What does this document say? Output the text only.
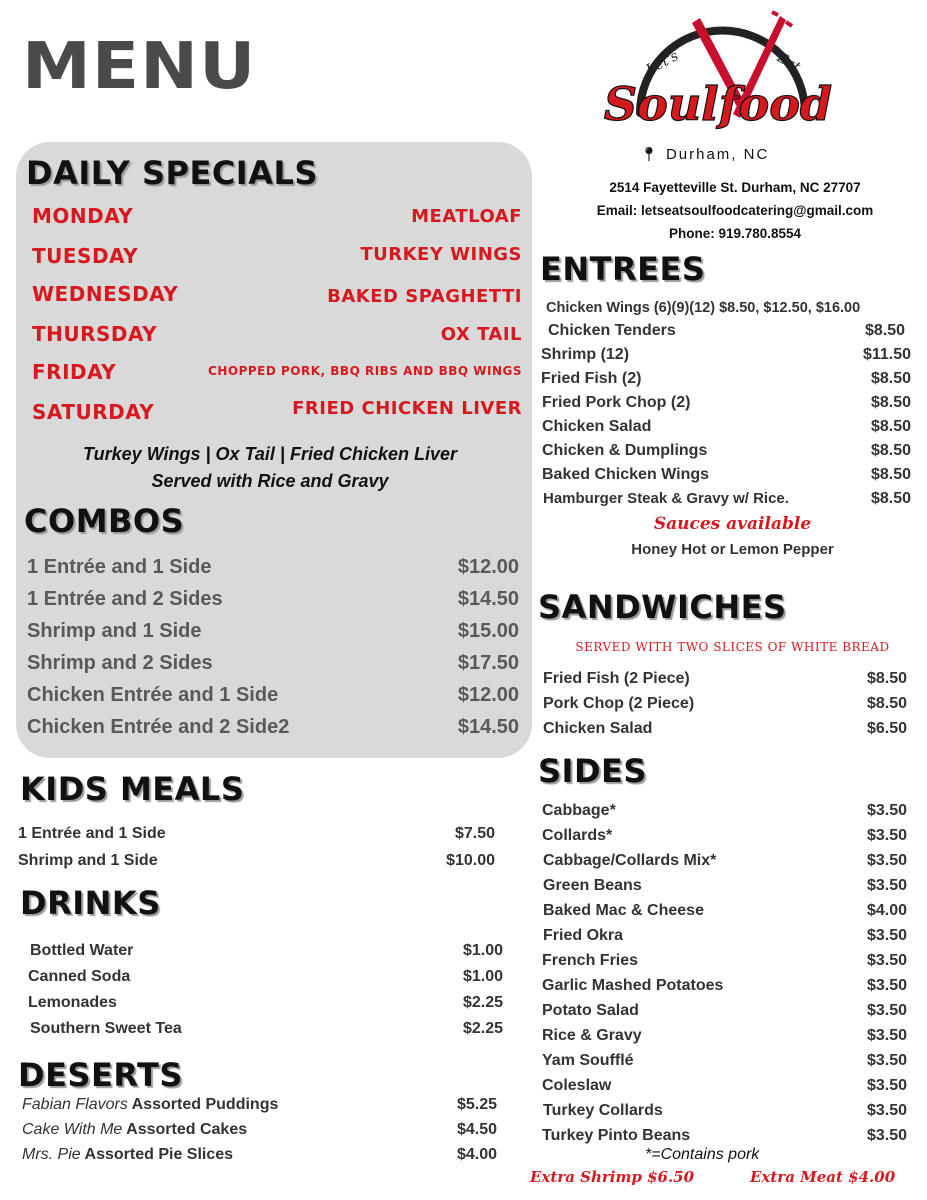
MENU
DAILY SPECIALS
MONDAY	MEATLOAF
TUESDAY	TURKEY WINGS
WEDNESDAY	BAKED SPAGHETTI
THURSDAY	OX TAIL
FRIDAY	CHOPPED PORK, BBQ RIBS AND BBQ WINGS
SATURDAY	FRIED CHICKEN LIVER
Turkey Wings | Ox Tail | Fried Chicken Liver
Served with Rice and Gravy
COMBOS
1 Entrée and 1 Side	$12.00
1 Entrée and 2 Sides	$14.50
Shrimp and 1 Side	$15.00
Shrimp and 2 Sides	$17.50
Chicken Entrée and 1 Side	$12.00
Chicken Entrée and 2 Side2	$14.50
KIDS MEALS
1 Entrée and 1 Side	$7.50
Shrimp and 1 Side	$10.00
DRINKS
Bottled Water	$1.00
Canned Soda	$1.00
Lemonades	$2.25
Southern Sweet Tea	$2.25
DESERTS
Fabian Flavors Assorted Puddings	$5.25
Cake With Me Assorted Cakes	$4.50
Mrs. Pie Assorted Pie Slices	$4.00
Let's	Eat
Soulfood
📍︎ Durham, NC
2514 Fayetteville St. Durham, NC 27707
Email: letseatsoulfoodcatering@gmail.com
Phone: 919.780.8554
ENTREES
Chicken Wings (6)(9)(12) $8.50, $12.50, $16.00
Chicken Tenders	$8.50
Shrimp (12)	$11.50
Fried Fish (2)	$8.50
Fried Pork Chop (2)	$8.50
Chicken Salad	$8.50
Chicken & Dumplings	$8.50
Baked Chicken Wings	$8.50
Hamburger Steak & Gravy w/ Rice.	$8.50
Sauces available
Honey Hot or Lemon Pepper
SANDWICHES
SERVED WITH TWO SLICES OF WHITE BREAD
Fried Fish (2 Piece)	$8.50
Pork Chop (2 Piece)	$8.50
Chicken Salad	$6.50
SIDES
Cabbage*	$3.50
Collards*	$3.50
Cabbage/Collards Mix*	$3.50
Green Beans	$3.50
Baked Mac & Cheese	$4.00
Fried Okra	$3.50
French Fries	$3.50
Garlic Mashed Potatoes	$3.50
Potato Salad	$3.50
Rice & Gravy	$3.50
Yam Soufflé	$3.50
Coleslaw	$3.50
Turkey Collards	$3.50
Turkey Pinto Beans	$3.50
*=Contains pork
Extra Shrimp $6.50	Extra Meat $4.00
